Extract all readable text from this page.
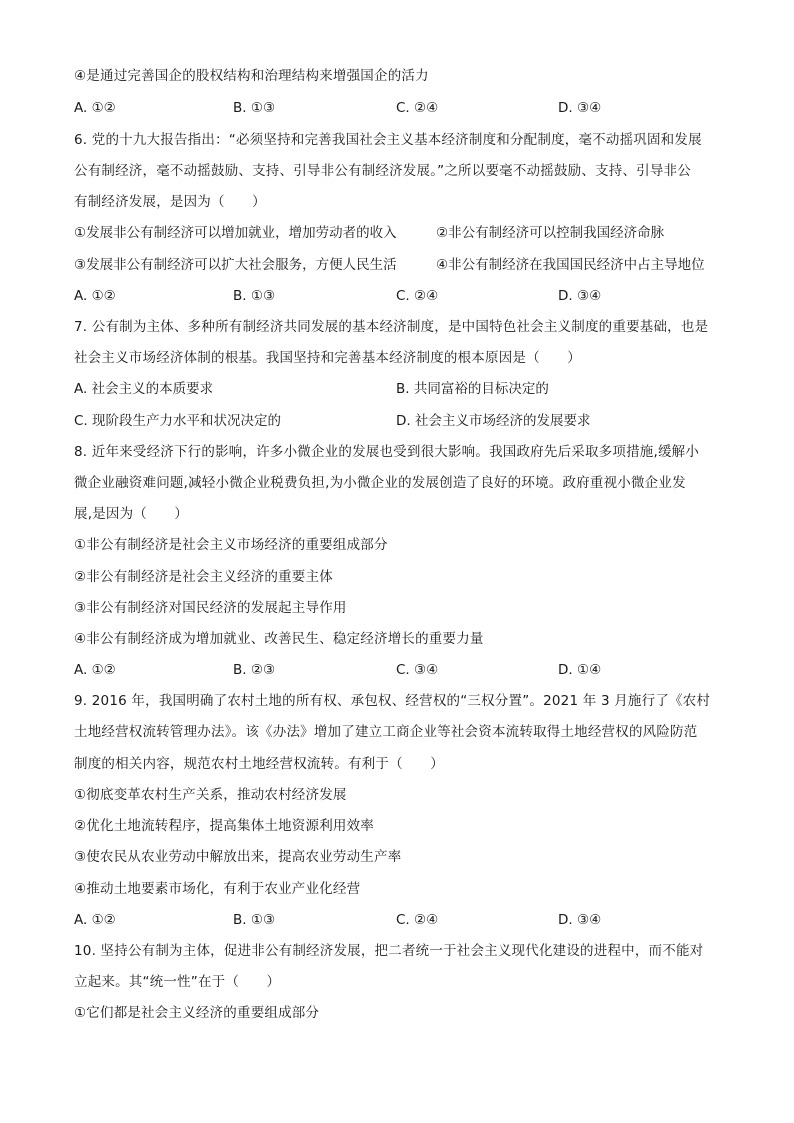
④是通过完善国企的股权结构和治理结构来增强国企的活力
A. ①②	B. ①③	C. ②④	D. ③④
6. 党的十九大报告指出：“必须坚持和完善我国社会主义基本经济制度和分配制度，毫不动摇巩固和发展
公有制经济，毫不动摇鼓励、支持、引导非公有制经济发展。”之所以要毫不动摇鼓励、支持、引导非公
有制经济发展，是因为（　　）
①发展非公有制经济可以增加就业，增加劳动者的收入	②非公有制经济可以控制我国经济命脉
③发展非公有制经济可以扩大社会服务，方便人民生活	④非公有制经济在我国国民经济中占主导地位
A. ①②	B. ①③	C. ②④	D. ③④
7. 公有制为主体、多种所有制经济共同发展的基本经济制度，是中国特色社会主义制度的重要基础，也是
社会主义市场经济体制的根基。我国坚持和完善基本经济制度的根本原因是（　　）
A. 社会主义的本质要求	B. 共同富裕的目标决定的
C. 现阶段生产力水平和状况决定的	D. 社会主义市场经济的发展要求
8. 近年来受经济下行的影响，许多小微企业的发展也受到很大影响。我国政府先后采取多项措施,缓解小
微企业融资难问题,减轻小微企业税费负担,为小微企业的发展创造了良好的环境。政府重视小微企业发
展,是因为（　　）
①非公有制经济是社会主义市场经济的重要组成部分
②非公有制经济是社会主义经济的重要主体
③非公有制经济对国民经济的发展起主导作用
④非公有制经济成为增加就业、改善民生、稳定经济增长的重要力量
A. ①②	B. ②③	C. ③④	D. ①④
9. 2016 年，我国明确了农村土地的所有权、承包权、经营权的“三权分置”。2021 年 3 月施行了《农村
土地经营权流转管理办法》。该《办法》增加了建立工商企业等社会资本流转取得土地经营权的风险防范
制度的相关内容，规范农村土地经营权流转。有利于（　　）
①彻底变革农村生产关系，推动农村经济发展
②优化土地流转程序，提高集体土地资源利用效率
③使农民从农业劳动中解放出来，提高农业劳动生产率
④推动土地要素市场化，有利于农业产业化经营
A. ①②	B. ①③	C. ②④	D. ③④
10. 坚持公有制为主体，促进非公有制经济发展，把二者统一于社会主义现代化建设的进程中，而不能对
立起来。其“统一性”在于（　　）
①它们都是社会主义经济的重要组成部分
